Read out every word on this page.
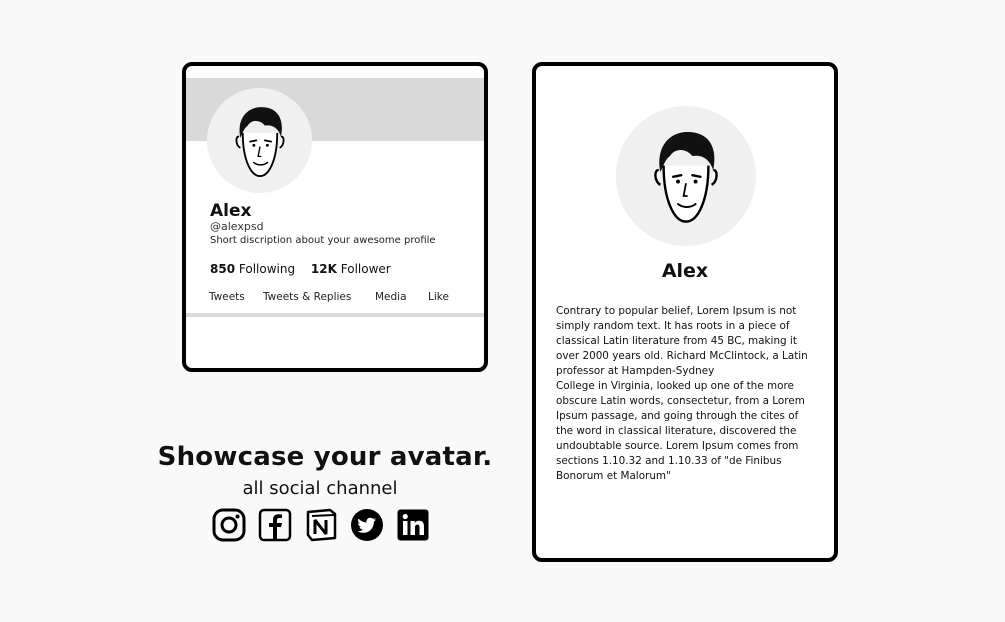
Alex
@alexpsd
Short discription about your awesome profile
850 Following 12K Follower
Tweets Tweets & Replies Media Like
Alex
Contrary to popular belief, Lorem Ipsum is not simply random text. It has roots in a piece of classical Latin literature from 45 BC, making it over 2000 years old. Richard McClintock, a Latin professor at Hampden-Sydney
College in Virginia, looked up one of the more obscure Latin words, consectetur, from a Lorem Ipsum passage, and going through the cites of the word in classical literature, discovered the undoubtable source. Lorem Ipsum comes from sections 1.10.32 and 1.10.33 of "de Finibus Bonorum et Malorum"
Showcase your avatar.
all social channel
